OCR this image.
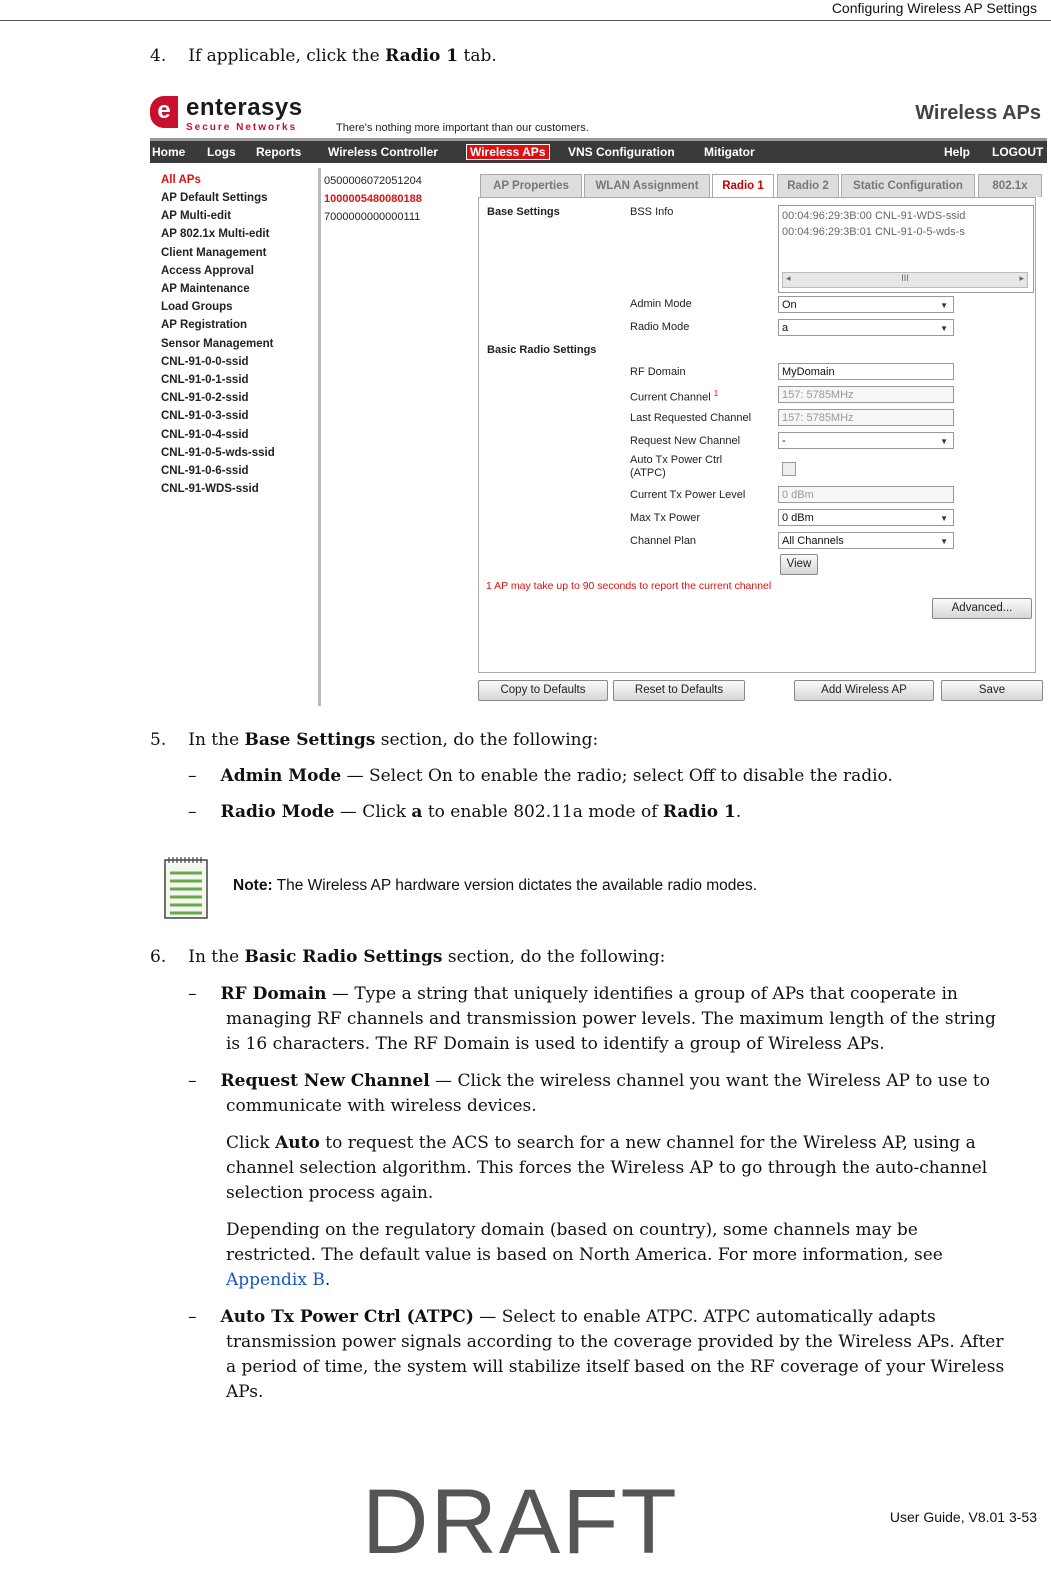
Configuring Wireless AP Settings
4. If applicable, click the Radio 1 tab.
e enterasys
Secure Networks	There's nothing more important than our customers.
Wireless APs
Home Logs Reports Wireless Controller	Wireless APs	VNS Configuration Mitigator	Help LOGOUT
All APs
AP Default Settings
AP Multi-edit
AP 802.1x Multi-edit
Client Management
Access Approval
AP Maintenance
Load Groups
AP Registration
Sensor Management
CNL-91-0-0-ssid
CNL-91-0-1-ssid
CNL-91-0-2-ssid
CNL-91-0-3-ssid
CNL-91-0-4-ssid
CNL-91-0-5-wds-ssid
CNL-91-0-6-ssid
CNL-91-WDS-ssid
0500006072051204
1000005480080188
7000000000000111
AP Properties	WLAN Assignment	Radio 1	Radio 2	Static Configuration	802.1x
Base Settings	BSS Info	00:04:96:29:3B:00 CNL-91-WDS-ssid
00:04:96:29:3B:01 CNL-91-0-5-wds-s
◂	III	▸
Admin Mode	On ▼
Radio Mode	a ▼
Basic Radio Settings
RF Domain	MyDomain
Current Channel $^1$	157: 5785MHz
Last Requested Channel	157: 5785MHz
Request New Channel	- ▼
Auto Tx Power Ctrl
(ATPC)
Current Tx Power Level	0 dBm
Max Tx Power	0 dBm ▼
Channel Plan	All Channels ▼
View
1 AP may take up to 90 seconds to report the current channel
Advanced...
Copy to Defaults	Reset to Defaults	Add Wireless AP	Save
5. In the Base Settings section, do the following:
– Admin Mode — Select On to enable the radio; select Off to disable the radio.
– Radio Mode — Click a to enable 802.11a mode of Radio 1.
Note: The Wireless AP hardware version dictates the available radio modes.
6. In the Basic Radio Settings section, do the following:
– RF Domain — Type a string that uniquely identifies a group of APs that cooperate in
managing RF channels and transmission power levels. The maximum length of the string
is 16 characters. The RF Domain is used to identify a group of Wireless APs.
– Request New Channel — Click the wireless channel you want the Wireless AP to use to
communicate with wireless devices.
Click Auto to request the ACS to search for a new channel for the Wireless AP, using a
channel selection algorithm. This forces the Wireless AP to go through the auto-channel
selection process again.
Depending on the regulatory domain (based on country), some channels may be
restricted. The default value is based on North America. For more information, see
Appendix B.
– Auto Tx Power Ctrl (ATPC) — Select to enable ATPC. ATPC automatically adapts
transmission power signals according to the coverage provided by the Wireless APs. After
a period of time, the system will stabilize itself based on the RF coverage of your Wireless
APs.
User Guide, V8.01 3-53
DRAFT
